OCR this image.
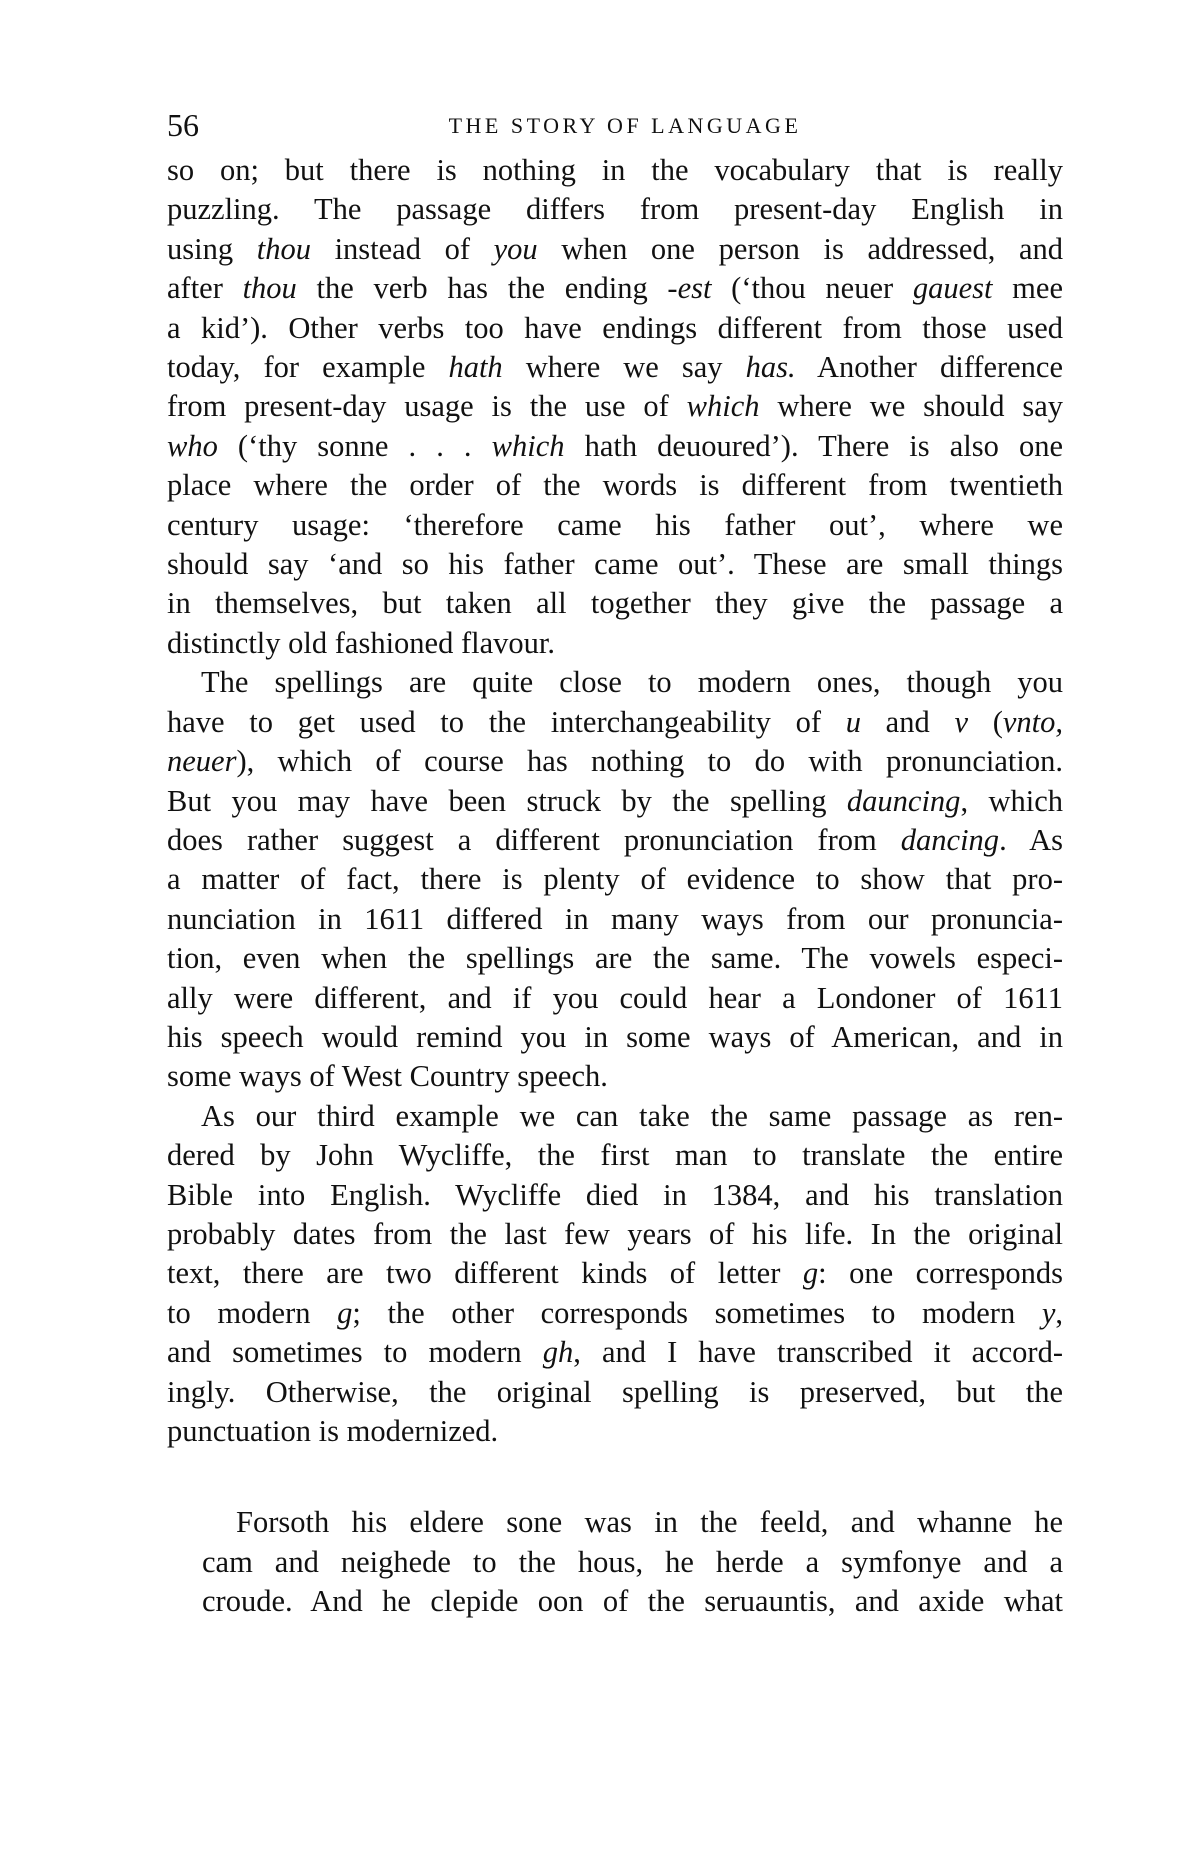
56	THE STORY OF LANGUAGE

so on; but there is nothing in the vocabulary that is really
puzzling. The passage differs from present-day English in
using thou instead of you when one person is addressed, and
after thou the verb has the ending -est (‘thou neuer gauest mee
a kid’). Other verbs too have endings different from those used
today, for example hath where we say has. Another difference
from present-day usage is the use of which where we should say
who (‘thy sonne . . . which hath deuoured’). There is also one
place where the order of the words is different from twentieth
century usage: ‘therefore came his father out’, where we
should say ‘and so his father came out’. These are small things
in themselves, but taken all together they give the passage a
distinctly old fashioned flavour.

The spellings are quite close to modern ones, though you
have to get used to the interchangeability of u and v (vnto,
neuer), which of course has nothing to do with pronunciation.
But you may have been struck by the spelling dauncing, which
does rather suggest a different pronunciation from dancing. As
a matter of fact, there is plenty of evidence to show that pro-
nunciation in 1611 differed in many ways from our pronuncia-
tion, even when the spellings are the same. The vowels especi-
ally were different, and if you could hear a Londoner of 1611
his speech would remind you in some ways of American, and in
some ways of West Country speech.

As our third example we can take the same passage as ren-
dered by John Wycliffe, the first man to translate the entire
Bible into English. Wycliffe died in 1384, and his translation
probably dates from the last few years of his life. In the original
text, there are two different kinds of letter g: one corresponds
to modern g; the other corresponds sometimes to modern y,
and sometimes to modern gh, and I have transcribed it accord-
ingly. Otherwise, the original spelling is preserved, but the
punctuation is modernized.

Forsoth his eldere sone was in the feeld, and whanne he
cam and neighede to the hous, he herde a symfonye and a
croude. And he clepide oon of the seruauntis, and axide what
